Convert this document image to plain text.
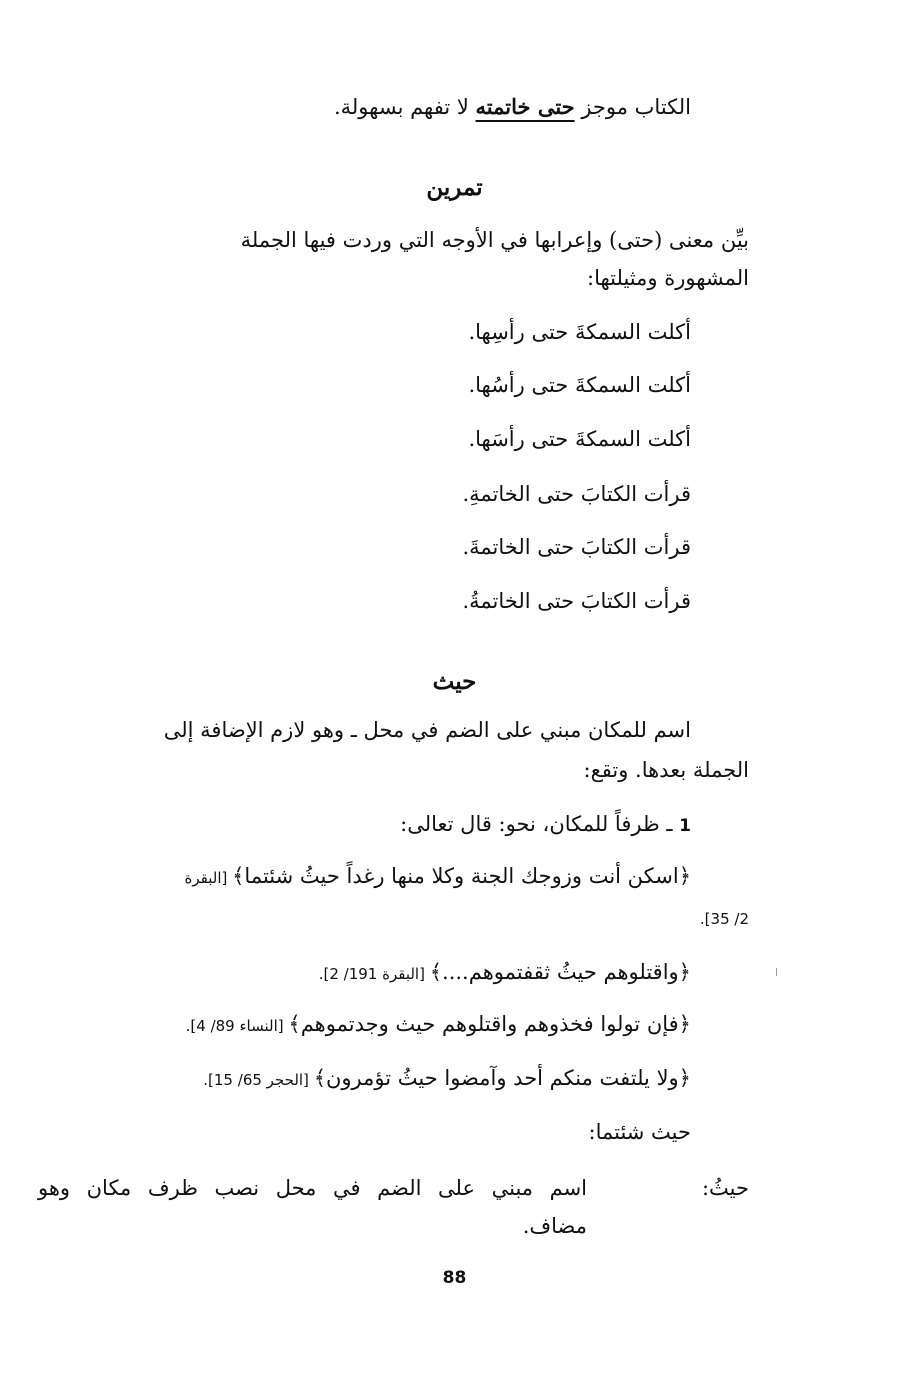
الكتاب موجز حتى خاتمته لا تفهم بسهولة.
تمرين
بيِّن معنى (حتى) وإعرابها في الأوجه التي وردت فيها الجملة
المشهورة ومثيلتها:
أكلت السمكةَ حتى رأسِها.
أكلت السمكةَ حتى رأسُها.
أكلت السمكةَ حتى رأسَها.
قرأت الكتابَ حتى الخاتمةِ.
قرأت الكتابَ حتى الخاتمةَ.
قرأت الكتابَ حتى الخاتمةُ.
حيث
اسم للمكان مبني على الضم في محل ـ وهو لازم الإضافة إلى
الجملة بعدها. وتقع:
1 ـ ظرفاً للمكان، نحو: قال تعالى:
﴿اسكن أنت وزوجك الجنة وكلا منها رغداً حيثُ شئتما﴾ [البقرة
2/ 35].
﴿واقتلوهم حيثُ ثقفتموهم....﴾ [البقرة 191/ 2].
﴿فإن تولوا فخذوهم واقتلوهم حيث وجدتموهم﴾ [النساء 89/ 4].
﴿ولا يلتفت منكم أحد وآمضوا حيثُ تؤمرون﴾ [الحجر 65/ 15].
حيث شئتما:
حيثُ:
اسم مبني على الضم في محل نصب ظرف مكان وهو
مضاف.
88
